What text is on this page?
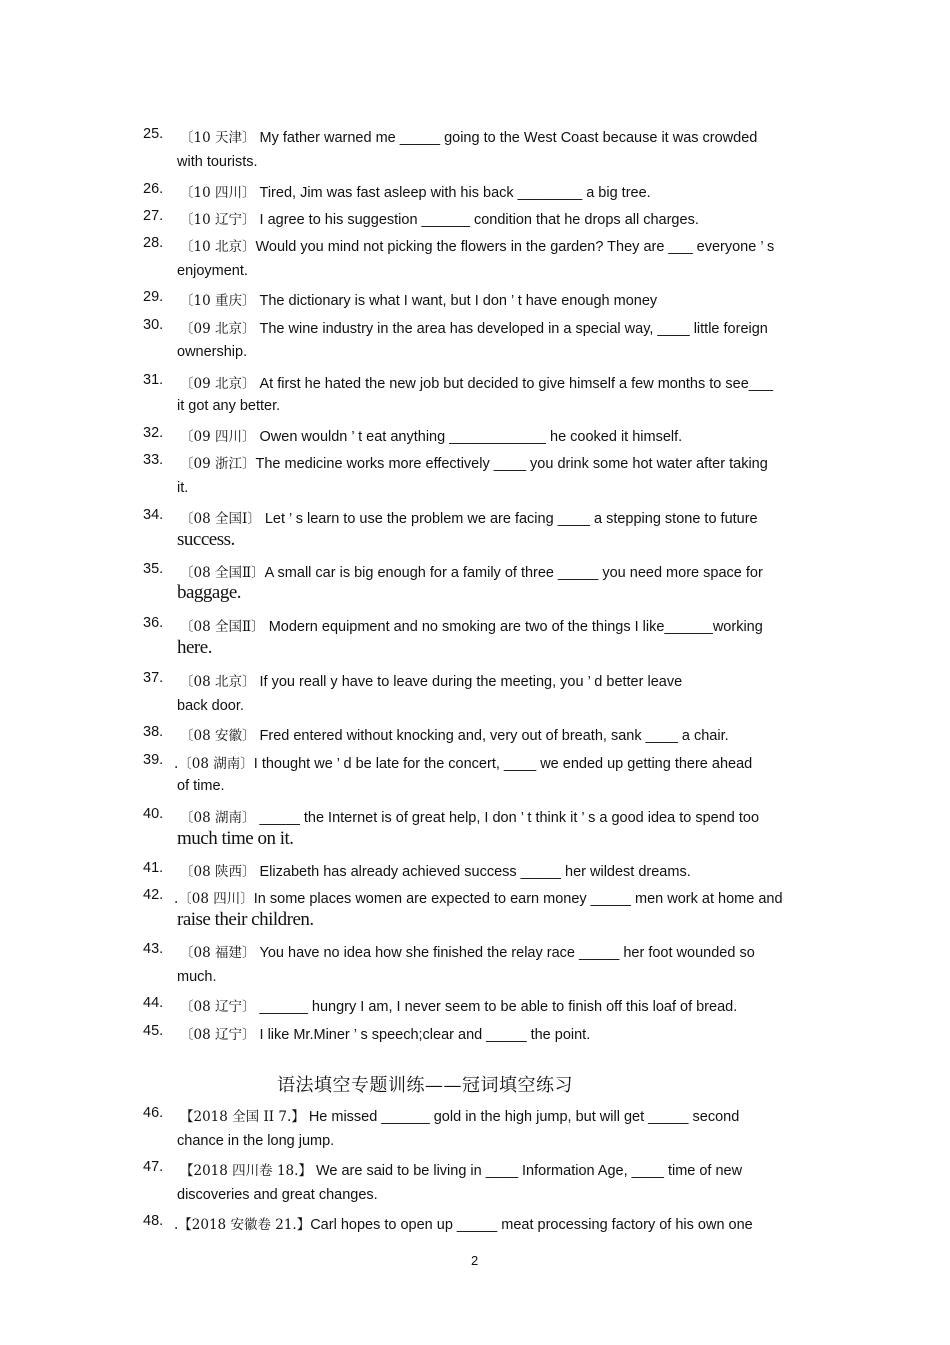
25. 〔10 天津〕 My father warned me _____ going to the West Coast because it was crowded
with tourists.
26. 〔10 四川〕 Tired, Jim was fast asleep with his back ________ a big tree.
27. 〔10 辽宁〕 I agree to his suggestion ______ condition that he drops all charges.
28. 〔10 北京〕Would you mind not picking the flowers in the garden? They are ___ everyone ’ s
enjoyment.
29. 〔10 重庆〕 The dictionary is what I want, but I don ’ t have enough money
30. 〔09 北京〕 The wine industry in the area has developed in a special way, ____ little foreign
ownership.
31. 〔09 北京〕 At first he hated the new job but decided to give himself a few months to see___
it got any better.
32. 〔09 四川〕 Owen wouldn ’ t eat anything ____________ he cooked it himself.
33. 〔09 浙江〕The medicine works more effectively ____ you drink some hot water after taking
it.
34. 〔08 全国Ⅰ〕 Let ’ s learn to use the problem we are facing ____ a stepping stone to future
success.
35. 〔08 全国Ⅱ〕A small car is big enough for a family of three _____ you need more space for
baggage.
36. 〔08 全国Ⅱ〕 Modern equipment and no smoking are two of the things I like______working
here.
37. 〔08 北京〕 If you reall y have to leave during the meeting, you ’ d better leave
back door.
38. 〔08 安徽〕 Fred entered without knocking and, very out of breath, sank ____ a chair.
39. .〔08 湖南〕I thought we ’ d be late for the concert, ____ we ended up getting there ahead
of time.
40. 〔08 湖南〕 _____ the Internet is of great help, I don ’ t think it ’ s a good idea to spend too
much time on it.
41. 〔08 陕西〕 Elizabeth has already achieved success _____ her wildest dreams.
42. .〔08 四川〕In some places women are expected to earn money _____ men work at home and
raise their children.
43. 〔08 福建〕 You have no idea how she finished the relay race _____ her foot wounded so
much.
44. 〔08 辽宁〕 ______ hungry I am, I never seem to be able to finish off this loaf of bread.
45. 〔08 辽宁〕 I like Mr.Miner ’ s speech;clear and _____ the point.
语法填空专题训练——冠词填空练习
46. 【2018 全国 II 7.】 He missed ______ gold in the high jump, but will get _____ second
chance in the long jump.
47. 【2018 四川卷 18.】 We are said to be living in ____ Information Age, ____ time of new
discoveries and great changes.
48. .【2018 安徽卷 21.】Carl hopes to open up _____ meat processing factory of his own one
2
